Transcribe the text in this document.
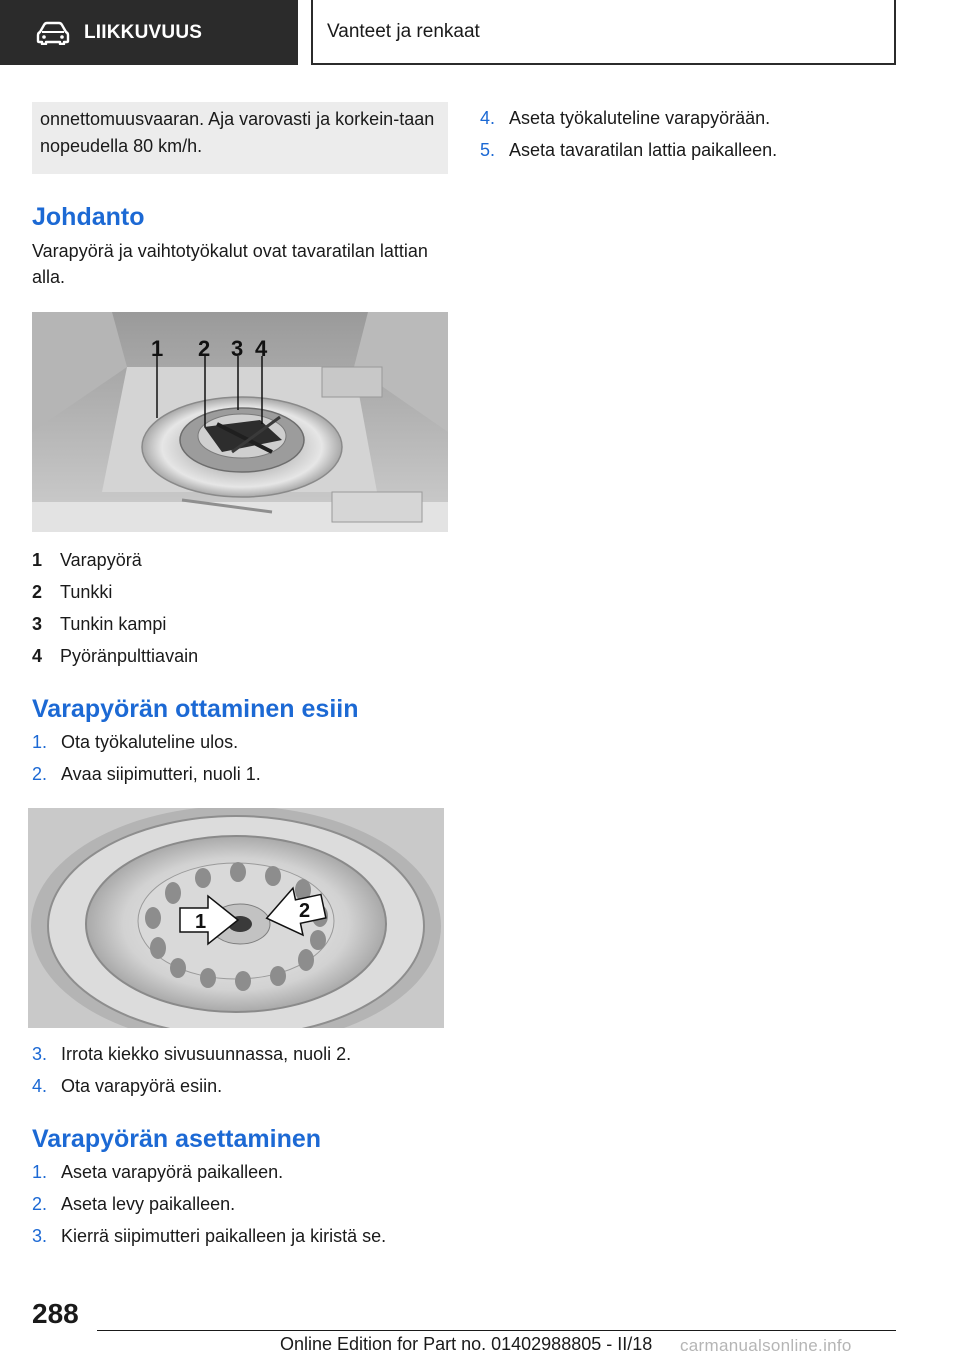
LIIKKUVUUS	Vanteet ja renkaat
onnettomuusvaaran. Aja varovasti ja korkein‐taan nopeudella 80 km/h.
Johdanto

Varapyörä ja vaihtotyökalut ovat tavaratilan lattian alla.

1 2 3 4
1 Varapyörä
2 Tunkki
3 Tunkin kampi
4 Pyöränpulttiavain
Varapyörän ottaminen esiin
1. Ota työkaluteline ulos.
2. Avaa siipimutteri, nuoli 1.
1	2
3. Irrota kiekko sivusuunnassa, nuoli 2.
4. Ota varapyörä esiin.
Varapyörän asettaminen
1. Aseta varapyörä paikalleen.
2. Aseta levy paikalleen.
3. Kierrä siipimutteri paikalleen ja kiristä se.
4. Aseta työkaluteline varapyörään.
5. Aseta tavaratilan lattia paikalleen.
288
Online Edition for Part no. 01402988805 - II/18 carmanualsonline.info
